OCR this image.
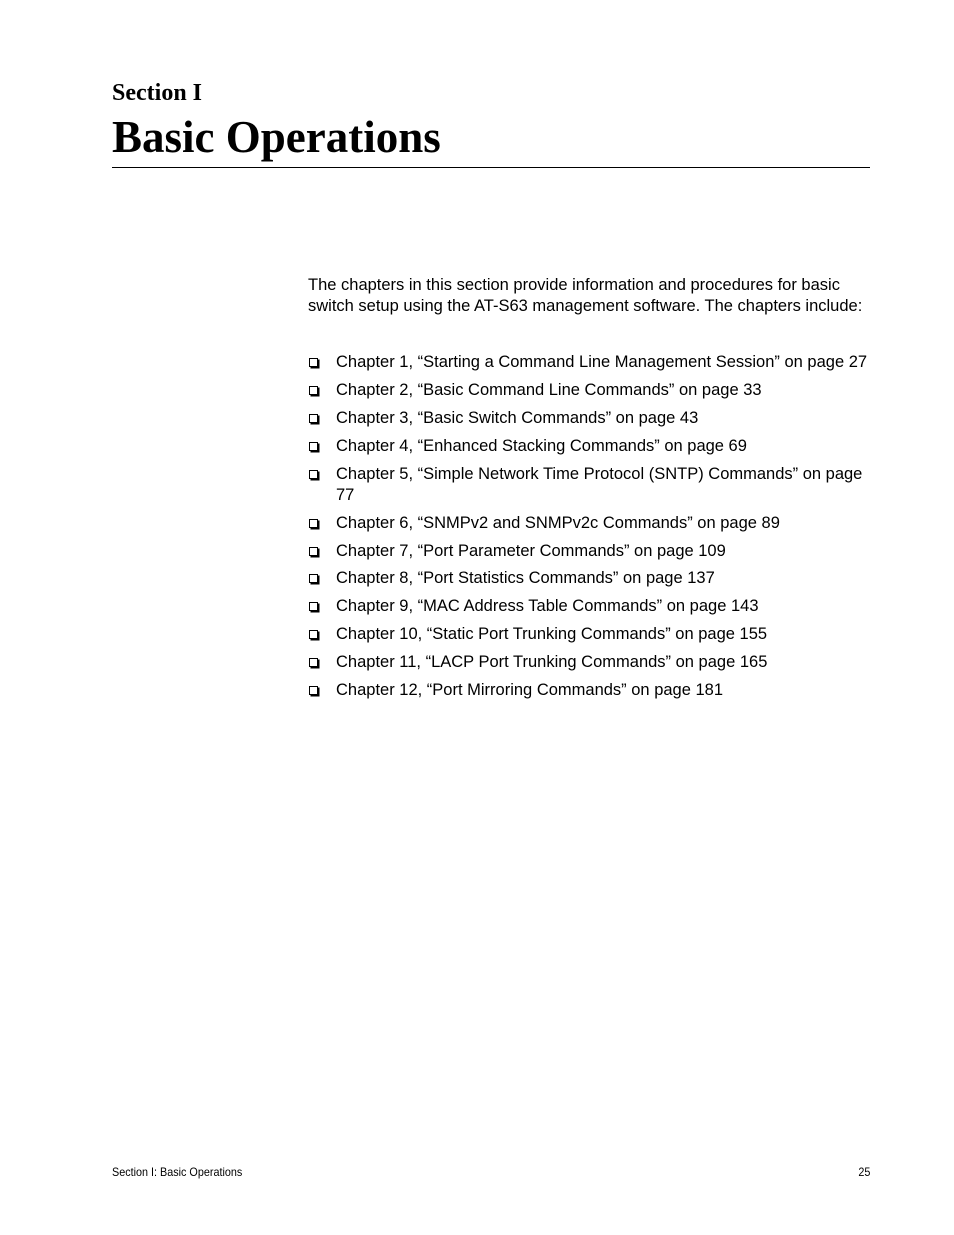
Section I
Basic Operations

The chapters in this section provide information and procedures for basic switch setup using the AT-S63 management software. The chapters include:

Chapter 1, “Starting a Command Line Management Session” on page 27
Chapter 2, “Basic Command Line Commands” on page 33
Chapter 3, “Basic Switch Commands” on page 43
Chapter 4, “Enhanced Stacking Commands” on page 69
Chapter 5, “Simple Network Time Protocol (SNTP) Commands” on page 77
Chapter 6, “SNMPv2 and SNMPv2c Commands” on page 89
Chapter 7, “Port Parameter Commands” on page 109
Chapter 8, “Port Statistics Commands” on page 137
Chapter 9, “MAC Address Table Commands” on page 143
Chapter 10, “Static Port Trunking Commands” on page 155
Chapter 11, “LACP Port Trunking Commands” on page 165
Chapter 12, “Port Mirroring Commands” on page 181
Section I: Basic Operations	25
